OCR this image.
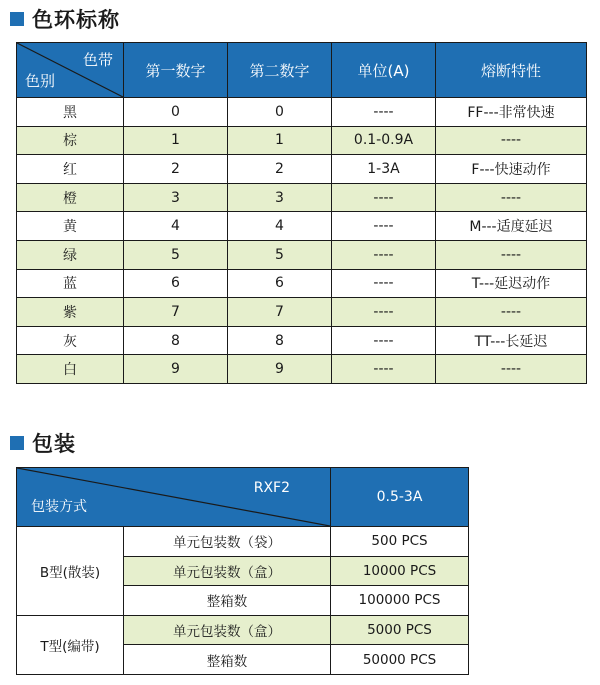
色环标称
色带
色别	第一数字	第二数字	单位(A)	熔断特性
黑	0	0	----	FF---非常快速
棕	1	1	0.1-0.9A	----
红	2	2	1-3A	F---快速动作
橙	3	3	----	----
黄	4	4	----	M---适度延迟
绿	5	5	----	----
蓝	6	6	----	T---延迟动作
紫	7	7	----	----
灰	8	8	----	TT---长延迟
白	9	9	----	----
包装
RXF2
包装方式		0.5-3A
B型(散装)	单元包装数（袋）	500 PCS
	单元包装数（盒）	10000 PCS
	整箱数	100000 PCS
T型(编带)	单元包装数（盒）	5000 PCS
	整箱数	50000 PCS
